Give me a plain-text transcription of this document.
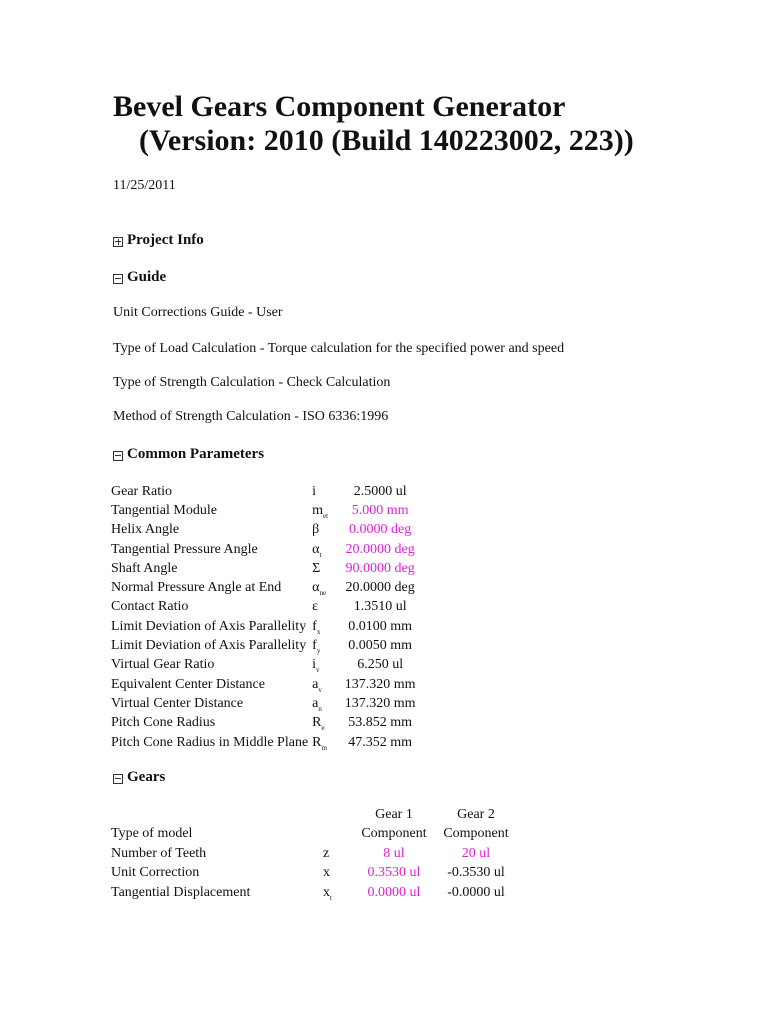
Bevel Gears Component Generator
(Version: 2010 (Build 140223002, 223))
11/25/2011
Project Info
Guide
Unit Corrections Guide - User
Type of Load Calculation - Torque calculation for the specified power and speed
Type of Strength Calculation - Check Calculation
Method of Strength Calculation - ISO 6336:1996
Common Parameters
Gear Ratio	i	2.5000 ul
Tangential Module	$m_{et}$	5.000 mm
Helix Angle	β	0.0000 deg
Tangential Pressure Angle	$\alpha_t$	20.0000 deg
Shaft Angle	Σ	90.0000 deg
Normal Pressure Angle at End	$\alpha_{ne}$	20.0000 deg
Contact Ratio	ε	1.3510 ul
Limit Deviation of Axis Parallelity	$f_x$	0.0100 mm
Limit Deviation of Axis Parallelity	$f_y$	0.0050 mm
Virtual Gear Ratio	$i_v$	6.250 ul
Equivalent Center Distance	$a_v$	137.320 mm
Virtual Center Distance	$a_n$	137.320 mm
Pitch Cone Radius	$R_e$	53.852 mm
Pitch Cone Radius in Middle Plane	$R_m$	47.352 mm
Gears
		Gear 1	Gear 2
Type of model		Component	Component
Number of Teeth	z	8 ul	20 ul
Unit Correction	x	0.3530 ul	-0.3530 ul
Tangential Displacement	$x_t$	0.0000 ul	-0.0000 ul
